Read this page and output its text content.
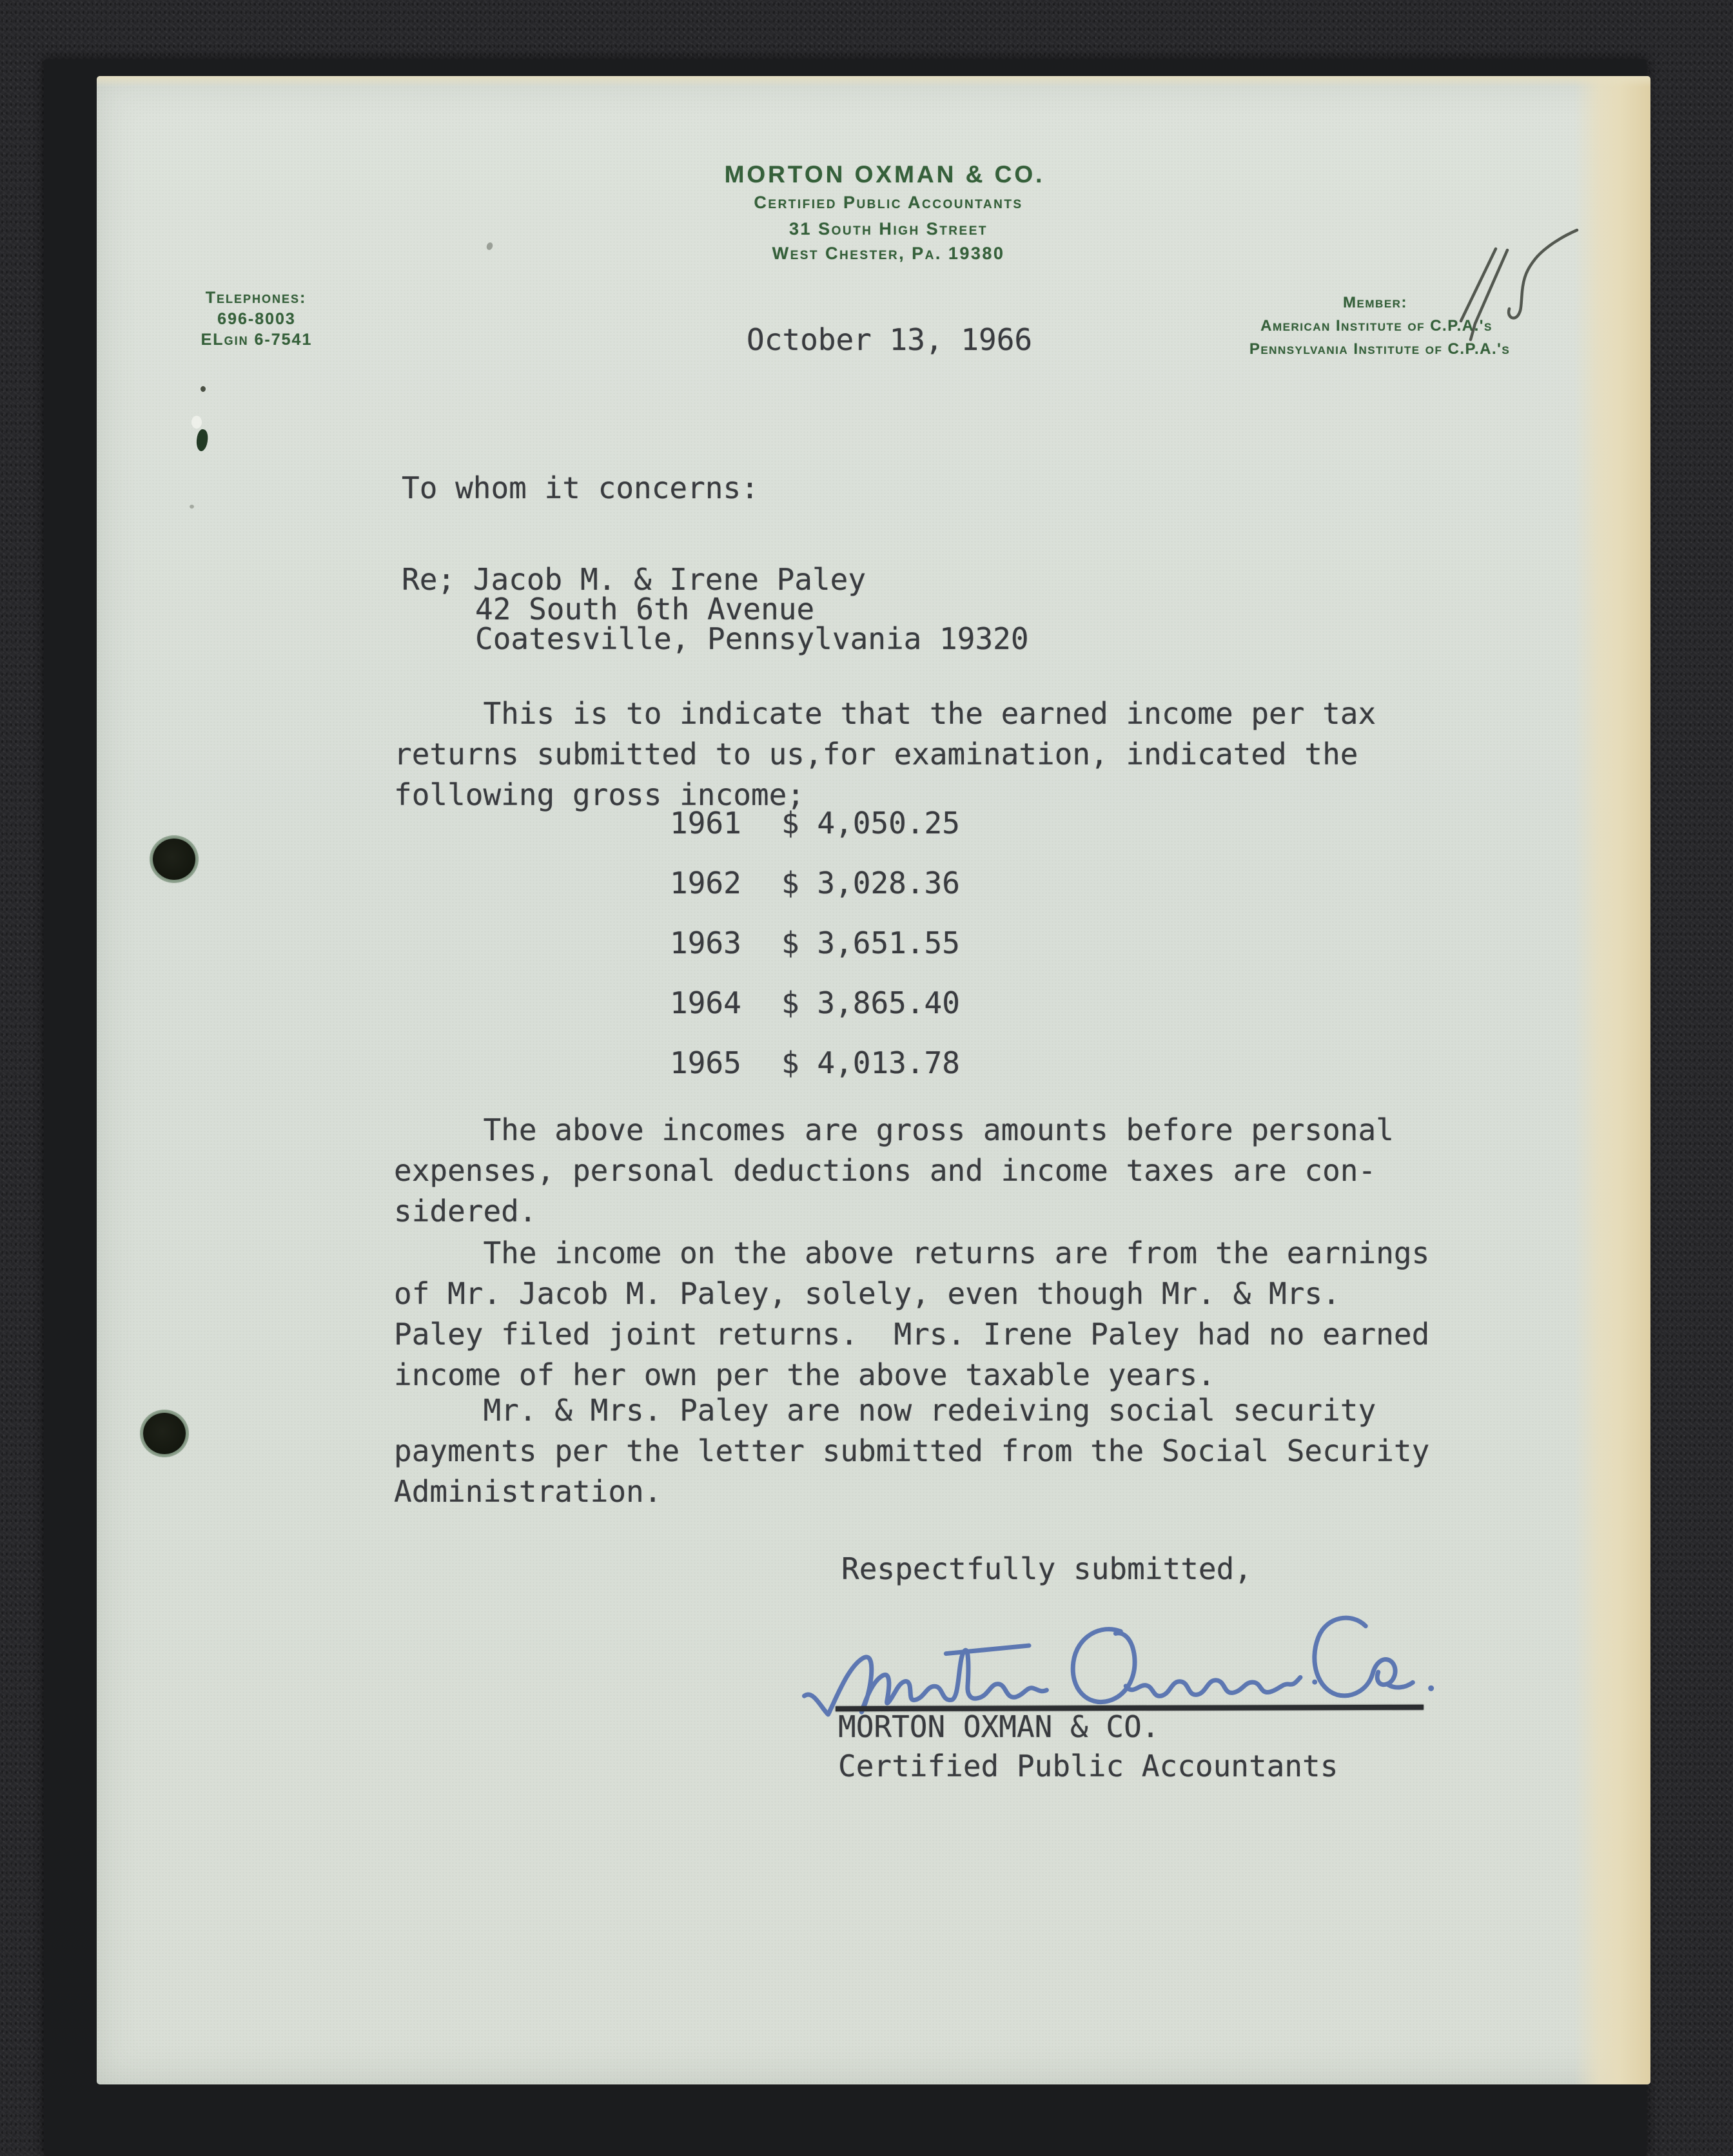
MORTON OXMAN & CO.
Certified Public Accountants
31 South High Street
West Chester, Pa. 19380
Telephones:
696-8003
ELgin 6-7541
Member:
American Institute of C.P.A.'s
Pennsylvania Institute of C.P.A.'s
October 13, 1966
To whom it concerns:
Re; Jacob M. & Irene Paley
42 South 6th Avenue
Coatesville, Pennsylvania 19320
This is to indicate that the earned income per tax
returns submitted to us,for examination, indicated the
following gross income;
1961 $ 4,050.25
1962 $ 3,028.36
1963 $ 3,651.55
1964 $ 3,865.40
1965 $ 4,013.78
The above incomes are gross amounts before personal
expenses, personal deductions and income taxes are con-
sidered.
The income on the above returns are from the earnings
of Mr. Jacob M. Paley, solely, even though Mr. & Mrs.
Paley filed joint returns.  Mrs. Irene Paley had no earned
income of her own per the above taxable years.
Mr. & Mrs. Paley are now redeiving social security
payments per the letter submitted from the Social Security
Administration.
Respectfully submitted,
MORTON OXMAN & CO.
Certified Public Accountants
